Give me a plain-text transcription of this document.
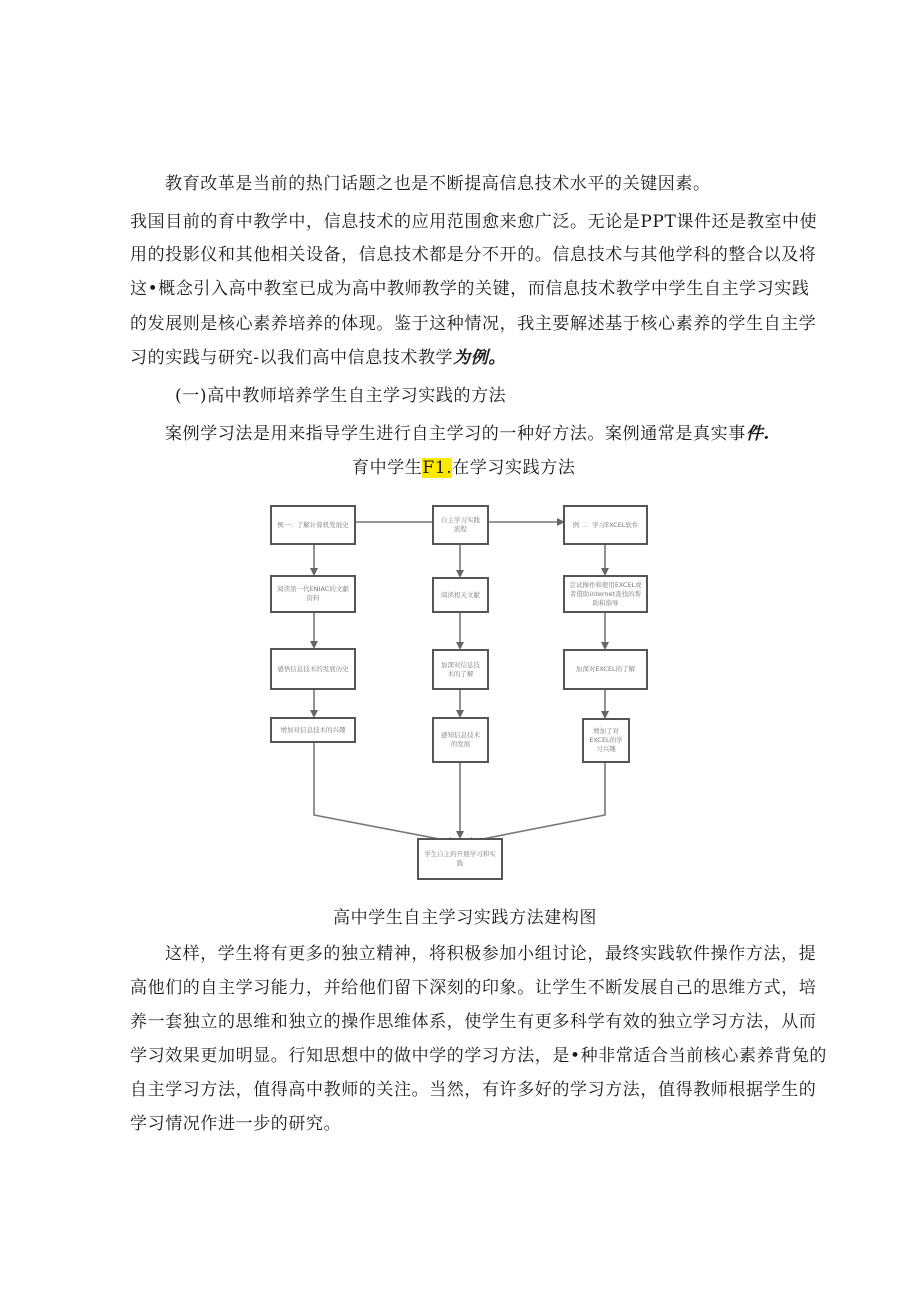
教育改革是当前的热门话题之也是不断提高信息技术水平的关键因素。
我国目前的育中教学中，信息技术的应用范围愈来愈广泛。无论是PPT课件还是教室中使
用的投影仪和其他相关设备，信息技术都是分不开的。信息技术与其他学科的整合以及将
这•概念引入高中教室已成为高中教师教学的关键，而信息技术教学中学生自主学习实践
的发展则是核心素养培养的体现。鉴于这种情况，我主要解述基于核心素养的学生自主学
习的实践与研究-以我们高中信息技术教学为例。
(一)高中教师培养学生自主学习实践的方法
案例学习法是用来指导学生进行自主学习的一种好方法。案例通常是真实事件.
育中学生F1.在学习实践方法
自主学习实践流程
例一：了解计算机发展史
阅读第一代ENIAC的文献资料
感悟信息技术的发展历史
增加对信息技术的兴趣
阅读相关文献
加深对信息技术的了解
感知信息技术的发展
例二：学习EXCEL软件
尝试操作和使用EXCEL或者借助internet查找的帮助和指导
加深对EXCEL的了解
增加了对EXCEL的学习兴趣
学生自主的开展学习和实践
高中学生自主学习实践方法建构图
这样，学生将有更多的独立精神，将积极参加小组讨论，最终实践软件操作方法，提
高他们的自主学习能力，并给他们留下深刻的印象。让学生不断发展自己的思维方式，培
养一套独立的思维和独立的操作思维体系，使学生有更多科学有效的独立学习方法，从而
学习效果更加明显。行知思想中的做中学的学习方法，是•种非常适合当前核心素养背兔的
自主学习方法，值得高中教师的关注。当然，有许多好的学习方法，值得教师根据学生的
学习情况作进一步的研究。
